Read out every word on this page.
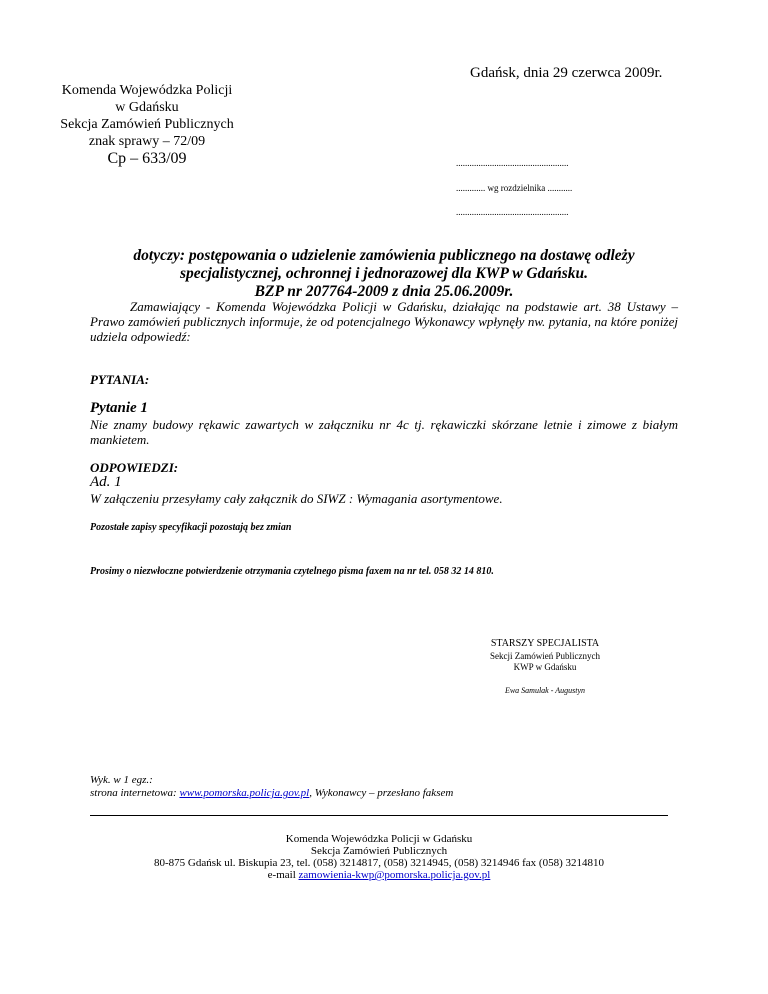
Gdańsk, dnia 29 czerwca 2009r.
Komenda Wojewódzka Policji
w Gdańsku
Sekcja Zamówień Publicznych
znak sprawy – 72/09
Cp – 633/09	..................................................
............. wg rozdzielnika ...........
..................................................
dotyczy: postępowania o udzielenie zamówienia publicznego na dostawę odleży
specjalistycznej, ochronnej i jednorazowej dla KWP w Gdańsku.
BZP nr 207764-2009 z dnia 25.06.2009r.
Zamawiający - Komenda Wojewódzka Policji w Gdańsku, działając na podstawie art. 38 Ustawy – Prawo zamówień publicznych informuje, że od potencjalnego Wykonawcy wpłynęły nw. pytania, na które poniżej udziela odpowiedź:
PYTANIA:
Pytanie 1
Nie znamy budowy rękawic zawartych w załączniku nr 4c tj. rękawiczki skórzane letnie i zimowe z białym mankietem.
ODPOWIEDZI:
Ad. 1
W załączeniu przesyłamy cały załącznik do SIWZ : Wymagania asortymentowe.
Pozostałe zapisy specyfikacji pozostają bez zmian
Prosimy o niezwłoczne potwierdzenie otrzymania czytelnego pisma faxem na nr tel. 058 32 14 810.
STARSZY SPECJALISTA
Sekcji Zamówień Publicznych
KWP w Gdańsku
Ewa Samulak - Augustyn
Wyk. w 1 egz.:
strona internetowa: www.pomorska.policja.gov.pl, Wykonawcy – przesłano faksem
Komenda Wojewódzka Policji w Gdańsku
Sekcja Zamówień Publicznych
80-875 Gdańsk ul. Biskupia 23, tel. (058) 3214817, (058) 3214945, (058) 3214946 fax (058) 3214810
e-mail zamowienia-kwp@pomorska.policja.gov.pl
